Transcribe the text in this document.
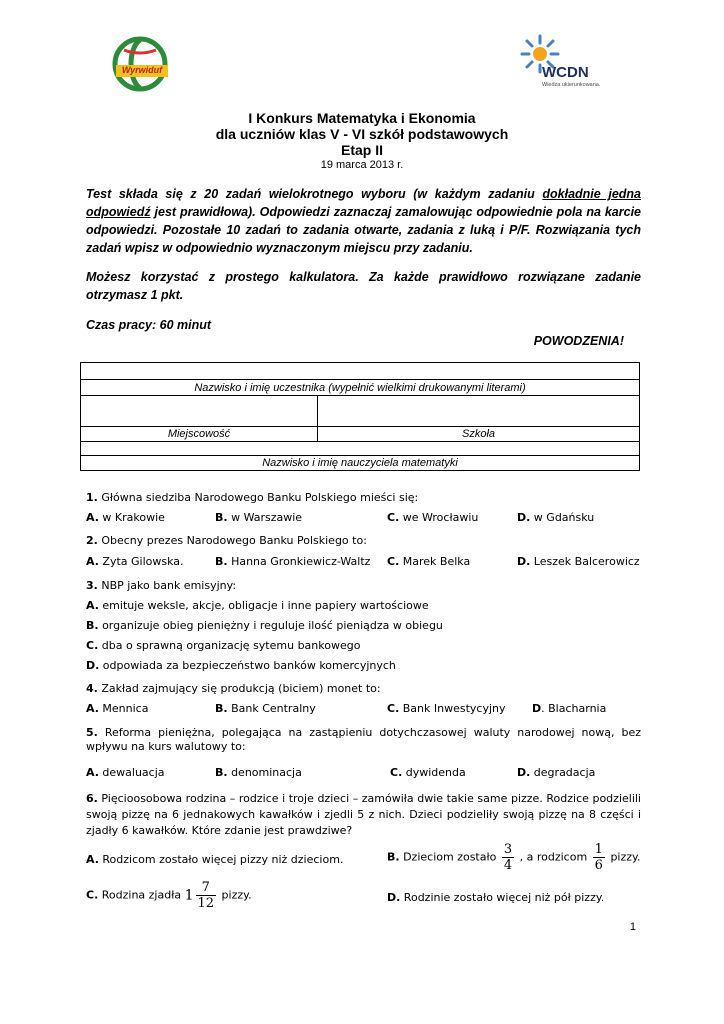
Wyrwiduf	WCDN
Wiedza ukierunkowana.
I Konkurs Matematyka i Ekonomia
dla uczniów klas V - VI szkół podstawowych
Etap II
19 marca 2013 r.
Test składa się z 20 zadań wielokrotnego wyboru (w każdym zadaniu dokładnie jedna odpowiedź jest prawidłowa). Odpowiedzi zaznaczaj zamalowując odpowiednie pola na karcie odpowiedzi. Pozostałe 10 zadań to zadania otwarte, zadania z luką i P/F. Rozwiązania tych zadań wpisz w odpowiednio wyznaczonym miejscu przy zadaniu.
Możesz korzystać z prostego kalkulatora. Za każde prawidłowo rozwiązane zadanie otrzymasz 1 pkt.
Czas pracy: 60 minut
POWODZENIA!

Nazwisko i imię uczestnika (wypełnić wielkimi drukowanymi literami)	

Miejscowość	Szkoła

Nazwisko i imię nauczyciela matematyki	
1. Główna siedziba Narodowego Banku Polskiego mieści się:
A. w Krakowie	B. w Warszawie	C. we Wrocławiu	D. w Gdańsku
2. Obecny prezes Narodowego Banku Polskiego to:
A. Zyta Gilowska.	B. Hanna Gronkiewicz-Waltz C. Marek Belka	D. Leszek Balcerowicz
3. NBP jako bank emisyjny:
A. emituje weksle, akcje, obligacje i inne papiery wartościowe
B. organizuje obieg pieniężny i reguluje ilość pieniądza w obiegu
C. dba o sprawną organizację sytemu bankowego
D. odpowiada za bezpieczeństwo banków komercyjnych
4. Zakład zajmujący się produkcją (biciem) monet to:
A. Mennica	B. Bank Centralny	C. Bank Inwestycyjny D. Blacharnia
5. Reforma pieniężna, polegająca na zastąpieniu dotychczasowej waluty narodowej nową, bez wpływu na kurs walutowy to:
A. dewaluacja	B. denominacja	C. dywidenda	D. degradacja
6. Pięcioosobowa rodzina – rodzice i troje dzieci – zamówiła dwie takie same pizze. Rodzice podzielili swoją pizzę na 6 jednakowych kawałków i zjedli 5 z nich. Dzieci podzieliły swoją pizzę na 8 części i zjadły 6 kawałków. Które zdanie jest prawdziwe?
A. Rodzicom zostało więcej pizzy niż dzieciom.	B. Dzieciom zostało $\frac{3}{4}$ , a rodzicom $\frac{1}{6}$ pizzy.
C. Rodzina zjadła $1 \frac{7}{12}$ pizzy.	D. Rodzinie zostało więcej niż pół pizzy.
1
